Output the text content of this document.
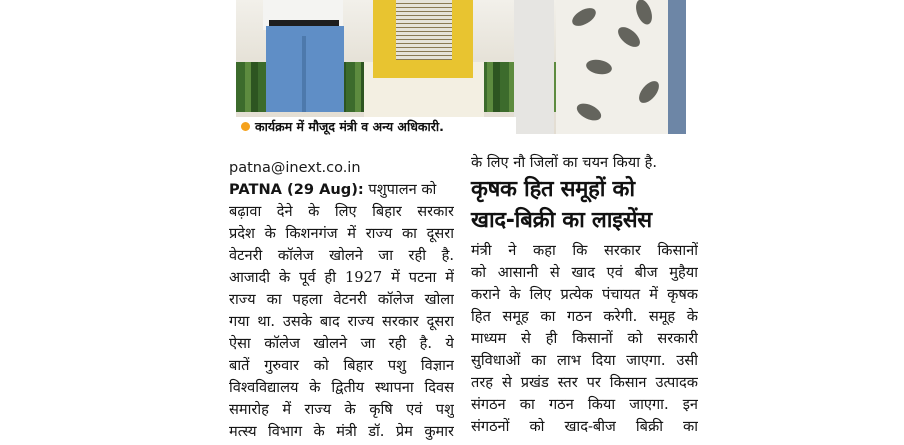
कार्यक्रम में मौजूद मंत्री व अन्य अधिकारी.
patna@inext.co.in
PATNA (29 Aug): पशुपालन को
बढ़ावा देने के लिए बिहार सरकार
प्रदेश के किशनगंज में राज्य का दूसरा
वेटनरी कॉलेज खोलने जा रही है.
आजादी के पूर्व ही 1927 में पटना में
राज्य का पहला वेटनरी कॉलेज खोला
गया था. उसके बाद राज्य सरकार दूसरा
ऐसा कॉलेज खोलने जा रही है. ये
बातें गुरुवार को बिहार पशु विज्ञान
विश्वविद्यालय के द्वितीय स्थापना दिवस
समारोह में राज्य के कृषि एवं पशु
मत्स्य विभाग के मंत्री डॉ. प्रेम कुमार
के लिए नौ जिलों का चयन किया है.
कृषक हित समूहों को
खाद-बिक्री का लाइसेंस
मंत्री ने कहा कि सरकार किसानों
को आसानी से खाद एवं बीज मुहैया
कराने के लिए प्रत्येक पंचायत में कृषक
हित समूह का गठन करेगी. समूह के
माध्यम से ही किसानों को सरकारी
सुविधाओं का लाभ दिया जाएगा. उसी
तरह से प्रखंड स्तर पर किसान उत्पादक
संगठन का गठन किया जाएगा. इन
संगठनों को खाद-बीज बिक्री का
